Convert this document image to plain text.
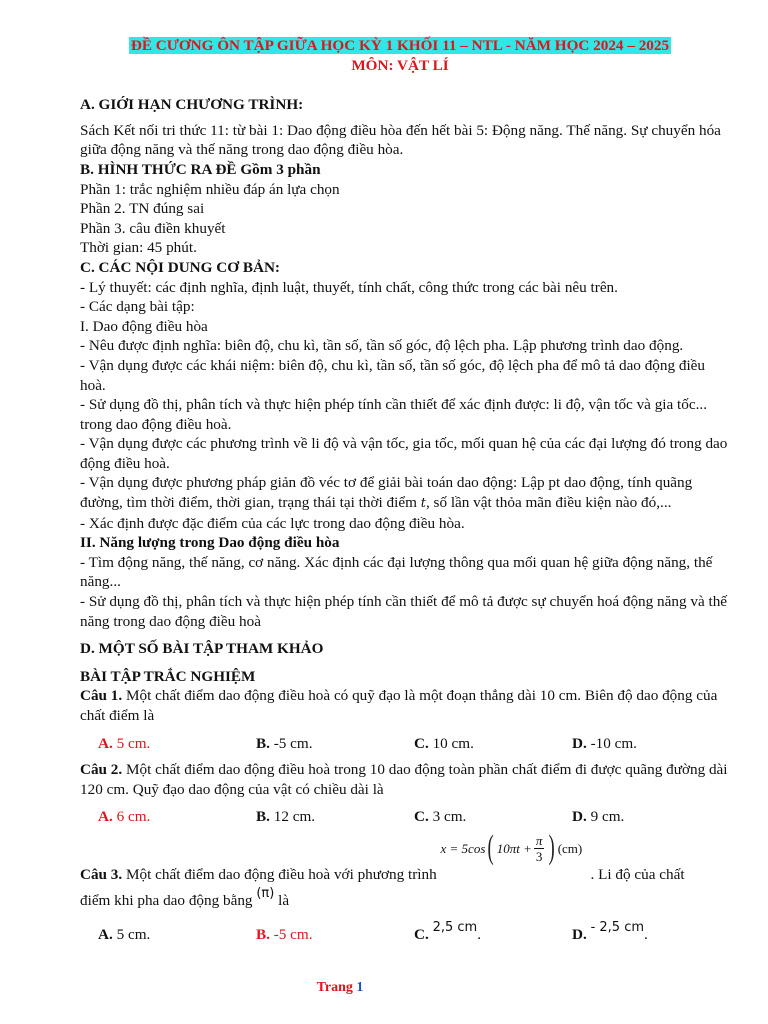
ĐỀ CƯƠNG ÔN TẬP GIỮA HỌC KỲ 1 KHỐI 11 – NTL - NĂM HỌC 2024 – 2025
MÔN: VẬT LÍ

A. GIỚI HẠN CHƯƠNG TRÌNH:

Sách Kết nối tri thức 11: từ bài 1: Dao động điều hòa đến hết bài 5: Động năng. Thế năng. Sự chuyển hóa giữa động năng và thế năng trong dao động điều hòa.

B. HÌNH THỨC RA ĐỀ Gồm 3 phần

Phần 1: trắc nghiệm nhiều đáp án lựa chọn

Phần 2. TN đúng sai

Phần 3. câu điền khuyết

Thời gian: 45 phút.

C. CÁC NỘI DUNG CƠ BẢN:

- Lý thuyết: các định nghĩa, định luật, thuyết, tính chất, công thức trong các bài nêu trên.

- Các dạng bài tập:

I. Dao động điều hòa

- Nêu được định nghĩa: biên độ, chu kì, tần số, tần số góc, độ lệch pha. Lập phương trình dao động.

- Vận dụng được các khái niệm: biên độ, chu kì, tần số, tần số góc, độ lệch pha để mô tả dao động điều hoà.

- Sử dụng đồ thị, phân tích và thực hiện phép tính cần thiết để xác định được: li độ, vận tốc và gia tốc... trong dao động điều hoà.

- Vận dụng được các phương trình về li độ và vận tốc, gia tốc, mối quan hệ của các đại lượng đó trong dao động điều hoà.

- Vận dụng được phương pháp giản đồ véc tơ để giải bài toán dao động: Lập pt dao động, tính quãng đường, tìm thời điểm, thời gian, trạng thái tại thời điểm t, số lần vật thỏa mãn điều kiện nào đó,...

- Xác định được đặc điểm của các lực trong dao động điều hòa.

II. Năng lượng trong Dao động điều hòa

- Tìm động năng, thế năng, cơ năng. Xác định các đại lượng thông qua mối quan hệ giữa động năng, thế năng...

- Sử dụng đồ thị, phân tích và thực hiện phép tính cần thiết để mô tả được sự chuyển hoá động năng và thế năng trong dao động điều hoà

D. MỘT SỐ BÀI TẬP THAM KHẢO

BÀI TẬP TRẮC NGHIỆM

Câu 1. Một chất điểm dao động điều hoà có quỹ đạo là một đoạn thẳng dài 10 cm. Biên độ dao động của chất điểm là

A. 5 cm.	B. -5 cm.	C. 10 cm.	D. -10 cm.

Câu 2. Một chất điểm dao động điều hoà trong 10 dao động toàn phần chất điểm đi được quãng đường dài 120 cm. Quỹ đạo dao động của vật có chiều dài là

A. 6 cm.	B. 12 cm.	C. 3 cm.	D. 9 cm.

Câu 3. Một chất điểm dao động điều hoà với phương trình
x = 5cos ( $10\pi t + \frac{\pi}{3}$ ) (cm)
. Li độ của chất

điểm khi pha dao động bằng (π) là

A. 5 cm.	B. -5 cm.	C. 2,5 cm.	D. - 2,5 cm.
Trang 1
